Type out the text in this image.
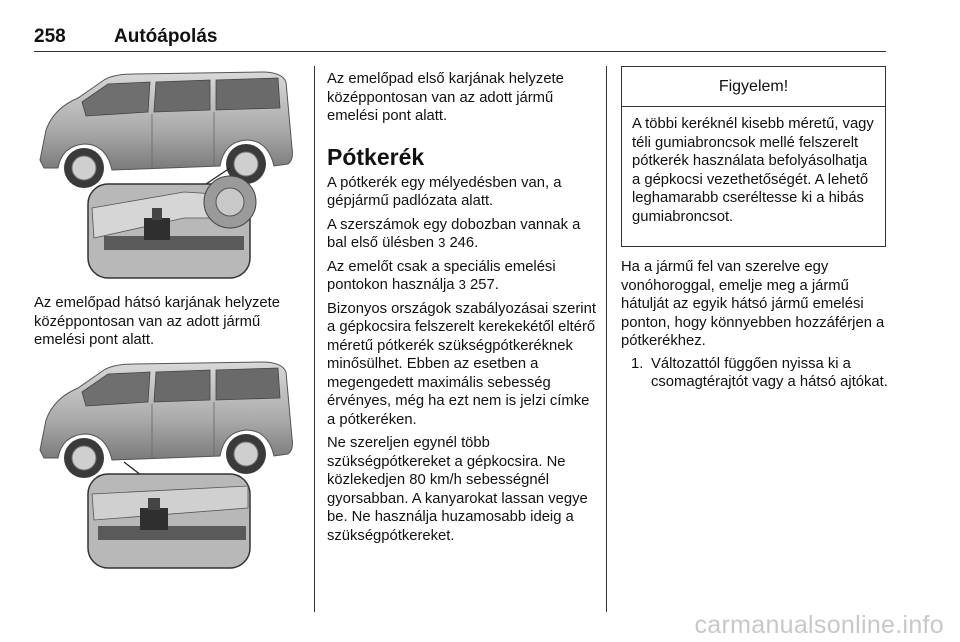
258	Autóápolás
Az emelőpad hátsó karjának helyzete középpontosan van az adott jármű emelési pont alatt.

Az emelőpad első karjának helyzete középpontosan van az adott jármű emelési pont alatt.

Pótkerék

A pótkerék egy mélyedésben van, a gépjármű padlózata alatt.

A szerszámok egy dobozban vannak a bal első ülésben 3 246.

Az emelőt csak a speciális emelési pontokon használja 3 257.

Bizonyos országok szabályozásai szerint a gépkocsira felszerelt kerekekétől eltérő méretű pótkerék szükségpótkeréknek minősülhet. Ebben az esetben a megengedett maximális sebesség érvényes, még ha ezt nem is jelzi címke a pótkeréken.

Ne szereljen egynél több szükségpótkereket a gépkocsira. Ne közlekedjen 80 km/h sebességnél gyorsabban. A kanyarokat lassan vegye be. Ne használja huzamosabb ideig a szükségpótkereket.

Figyelem!
A többi keréknél kisebb méretű, vagy téli gumiabroncsok mellé felszerelt pótkerék használata befolyásolhatja a gépkocsi vezethetőségét. A lehető leghamarabb cseréltesse ki a hibás gumiabroncsot.

Ha a jármű fel van szerelve egy vonóhoroggal, emelje meg a jármű hátulját az egyik hátsó jármű emelési ponton, hogy könnyebben hozzáférjen a pótkerékhez.

1. Változattól függően nyissa ki a csomagtérajtót vagy a hátsó ajtókat.
carmanualsonline.info
